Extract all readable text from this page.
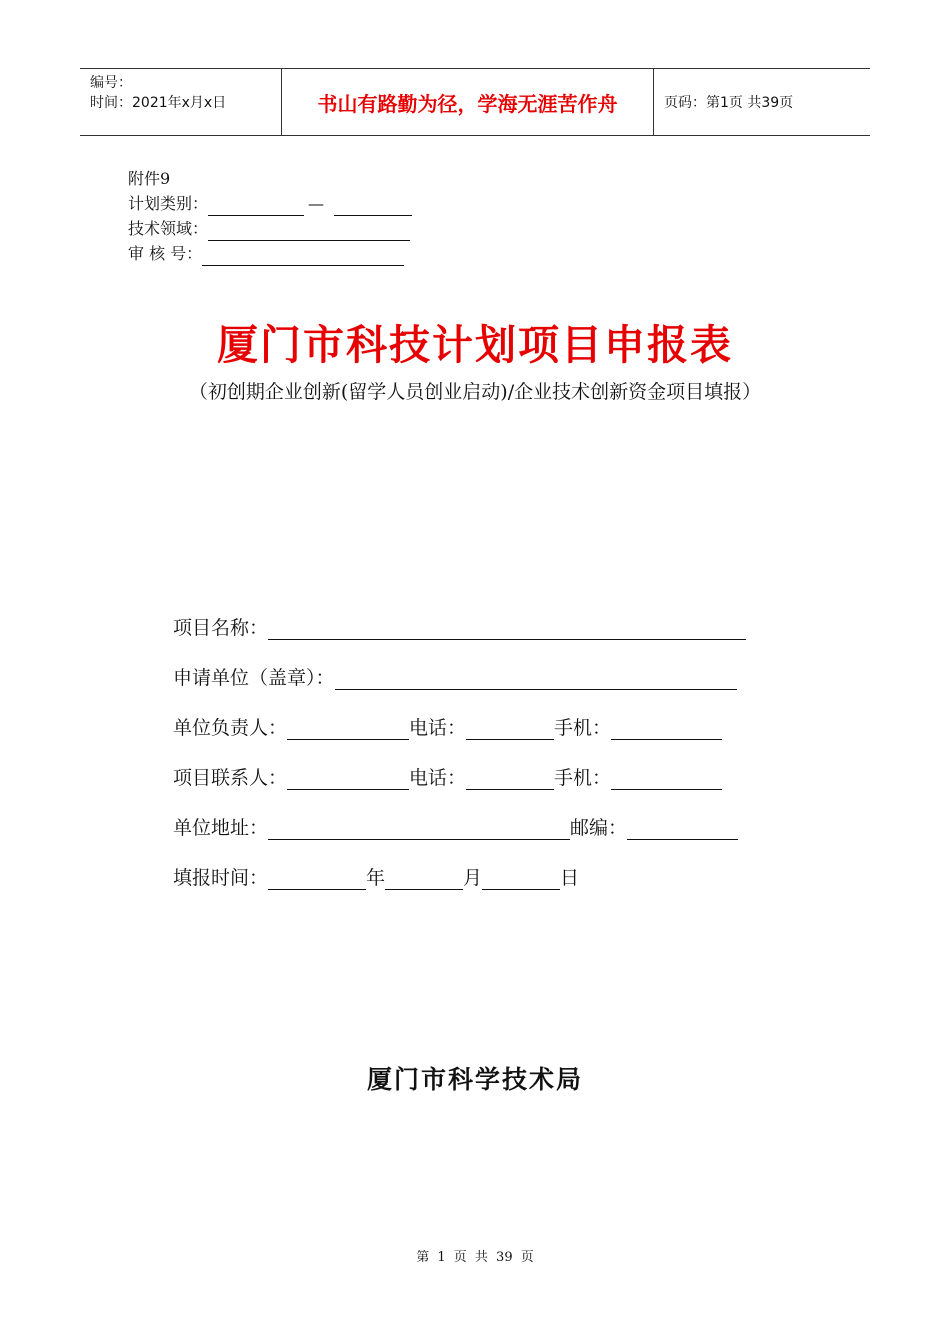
编号：
时间：2021年x月x日	书山有路勤为径，学海无涯苦作舟	页码：第1页 共39页
附件9
计划类别：	—
技术领域：
审 核 号：
厦门市科技计划项目申报表
（初创期企业创新(留学人员创业启动)/企业技术创新资金项目填报）
项目名称：
申请单位（盖章）：
单位负责人：	电话：	手机：
项目联系人：	电话：	手机：
单位地址：	邮编：
填报时间：	年	月	日
厦门市科学技术局
第 1 页 共 39 页
